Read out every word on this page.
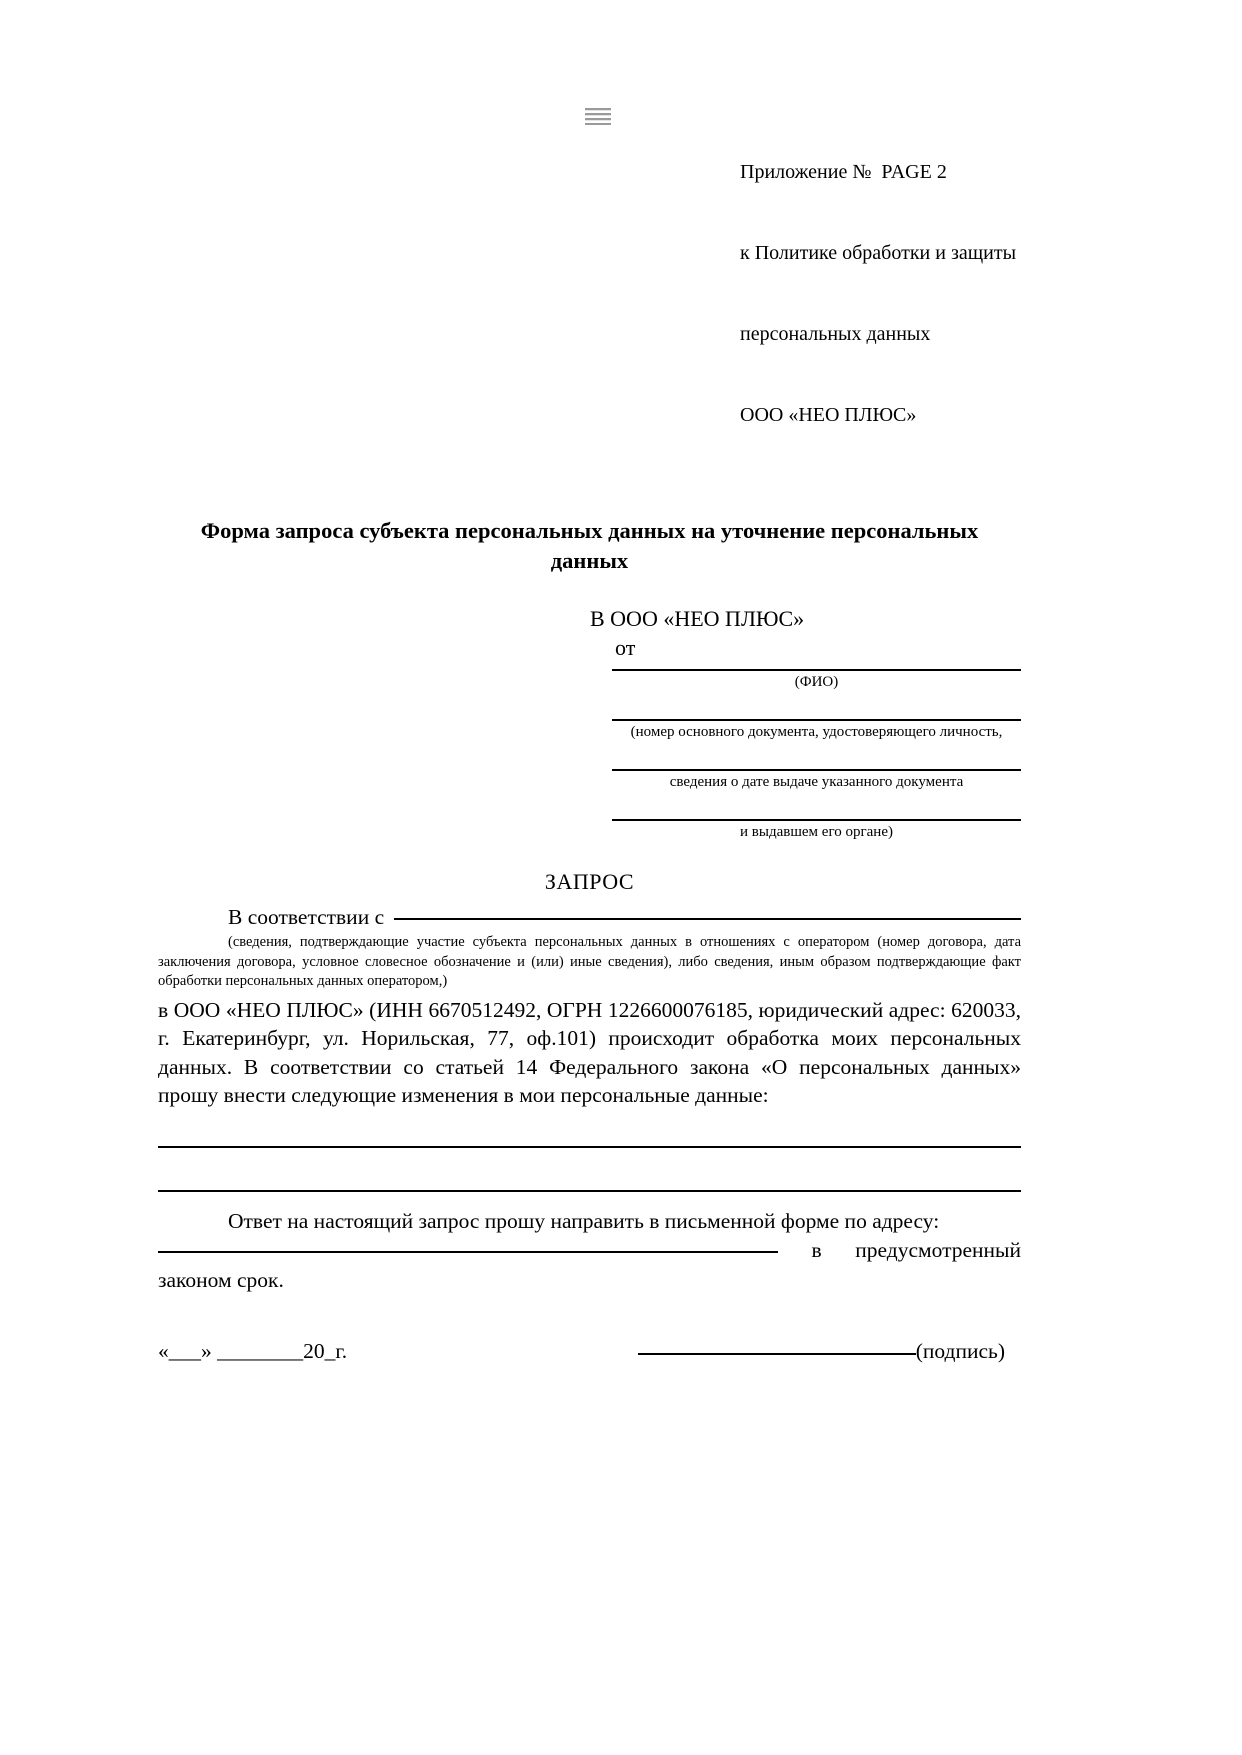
Приложение №  PAGE 2

к Политике обработки и защиты

персональных данных

ООО «НЕО ПЛЮС»

Форма запроса субъекта персональных данных на уточнение персональных данных
В ООО «НЕО ПЛЮС»
от
(ФИО)
(номер основного документа, удостоверяющего личность,
сведения о дате выдаче указанного документа
и выдавшем его органе)
ЗАПРОС
В соответствии с
(сведения, подтверждающие участие субъекта персональных данных в отношениях с оператором (номер договора, дата заключения договора, условное словесное обозначение и (или) иные сведения), либо сведения, иным образом подтверждающие факт обработки персональных данных оператором,)

в ООО «НЕО ПЛЮС» (ИНН 6670512492, ОГРН 1226600076185, юридический адрес: 620033, г. Екатеринбург, ул. Норильская, 77, оф.101) происходит обработка моих персональных данных. В соответствии со статьей 14 Федерального закона «О персональных данных» прошу внести следующие изменения в мои персональные данные:

Ответ на настоящий запрос прошу направить в письменной форме по адресу:

в предусмотренный

законом срок.

«___» ________20_г.	(подпись)
